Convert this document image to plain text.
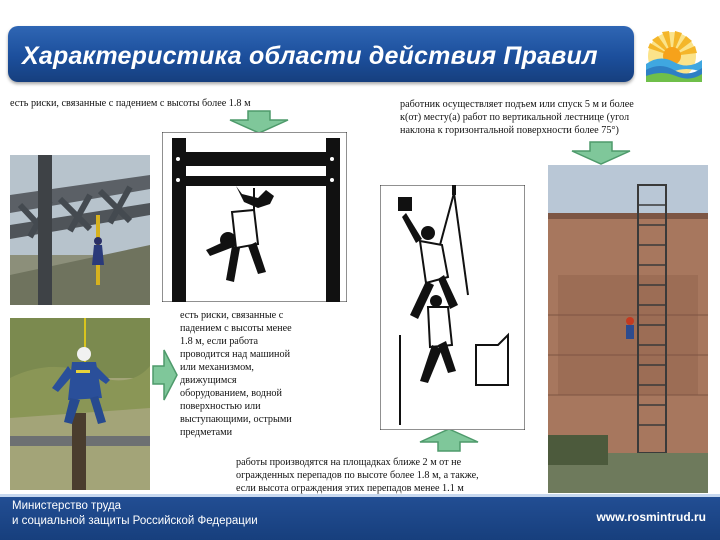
Характеристика области действия Правил
есть риски, связанные с падением с высоты более 1.8 м	работник осуществляет подъем или спуск 5 м и более
к(от) месту(а) работ по вертикальной лестнице (угол
наклона к горизонтальной поверхности более 75°)
есть риски, связанные с
падением с высоты менее
1.8 м, если работа
проводится над машиной
или механизмом,
движущимся
оборудованием, водной
поверхностью или
выступающими, острыми
предметами
работы производятся на площадках ближе 2 м от не
огражденных перепадов по высоте более 1.8 м, а также,
если высота ограждения этих перепадов менее 1.1 м
Министерство труда
и социальной защиты Российской Федерации	www.rosmintrud.ru
